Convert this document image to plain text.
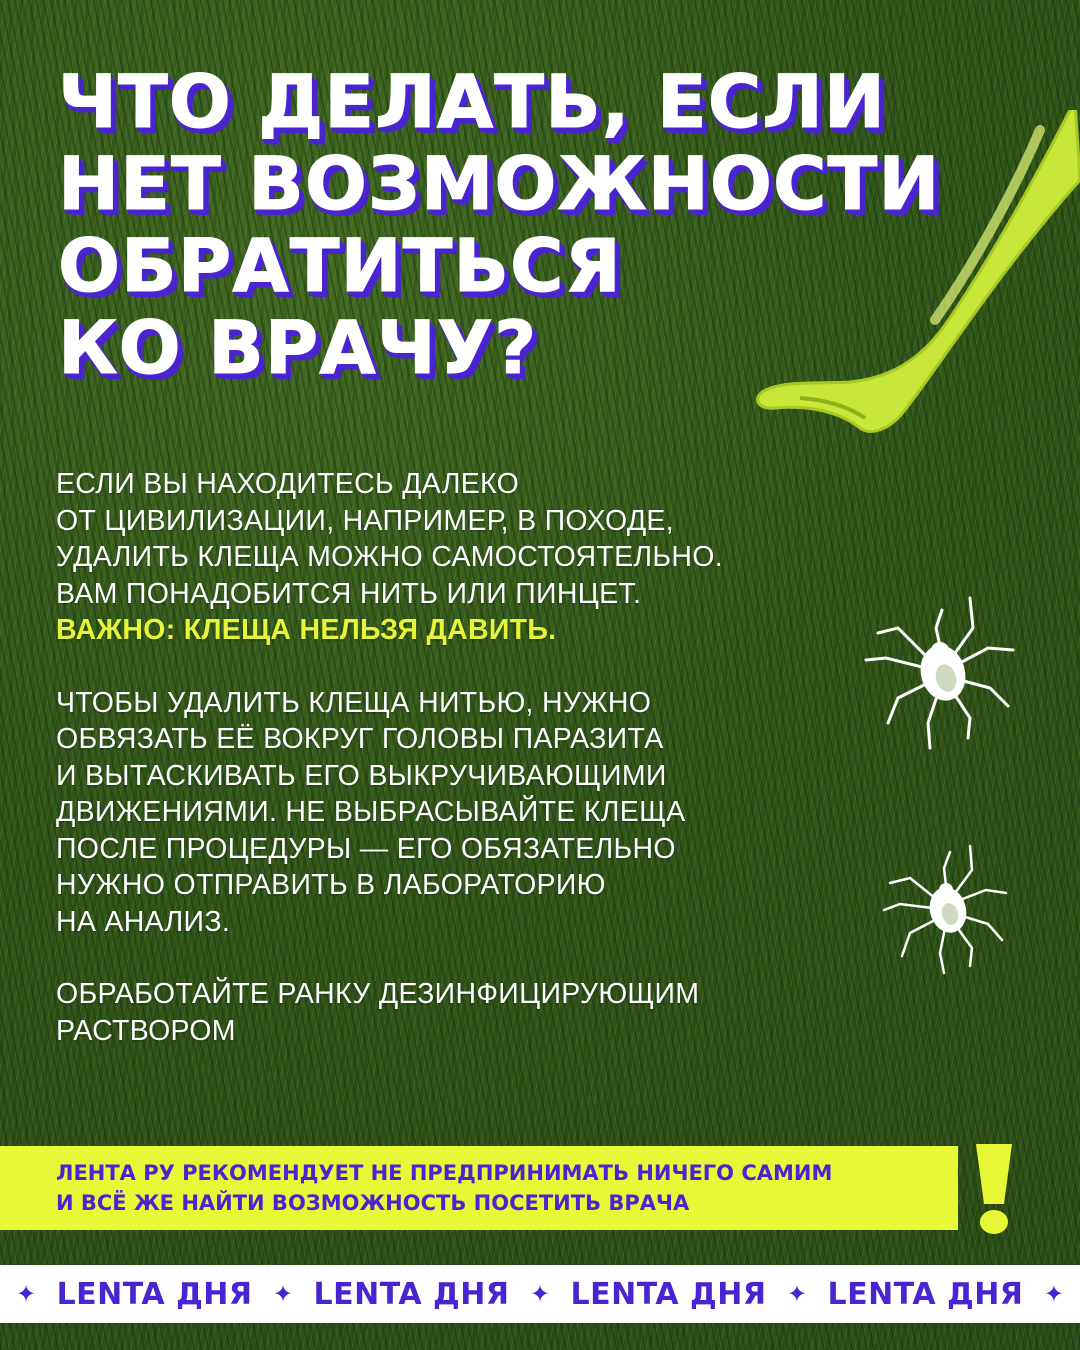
ЧТО ДЕЛАТЬ, ЕСЛИ
НЕТ ВОЗМОЖНОСТИ
ОБРАТИТЬСЯ
КО ВРАЧУ?

ЕСЛИ ВЫ НАХОДИТЕСЬ ДАЛЕКО
ОТ ЦИВИЛИЗАЦИИ, НАПРИМЕР, В ПОХОДЕ,
УДАЛИТЬ КЛЕЩА МОЖНО САМОСТОЯТЕЛЬНО.
ВАМ ПОНАДОБИТСЯ НИТЬ ИЛИ ПИНЦЕТ.
ВАЖНО: КЛЕЩА НЕЛЬЗЯ ДАВИТЬ.

ЧТОБЫ УДАЛИТЬ КЛЕЩА НИТЬЮ, НУЖНО
ОБВЯЗАТЬ ЕЁ ВОКРУГ ГОЛОВЫ ПАРАЗИТА
И ВЫТАСКИВАТЬ ЕГО ВЫКРУЧИВАЮЩИМИ
ДВИЖЕНИЯМИ. НЕ ВЫБРАСЫВАЙТЕ КЛЕЩА
ПОСЛЕ ПРОЦЕДУРЫ — ЕГО ОБЯЗАТЕЛЬНО
НУЖНО ОТПРАВИТЬ В ЛАБОРАТОРИЮ
НА АНАЛИЗ.

ОБРАБОТАЙТЕ РАНКУ ДЕЗИНФИЦИРУЮЩИМ
РАСТВОРОМ

ЛЕНТА РУ РЕКОМЕНДУЕТ НЕ ПРЕДПРИНИМАТЬ НИЧЕГО САМИМ
И ВСЁ ЖЕ НАЙТИ ВОЗМОЖНОСТЬ ПОСЕТИТЬ ВРАЧА
✦ LENTA ДНЯ ✦ LENTA ДНЯ ✦ LENTA ДНЯ ✦ LENTA ДНЯ ✦
